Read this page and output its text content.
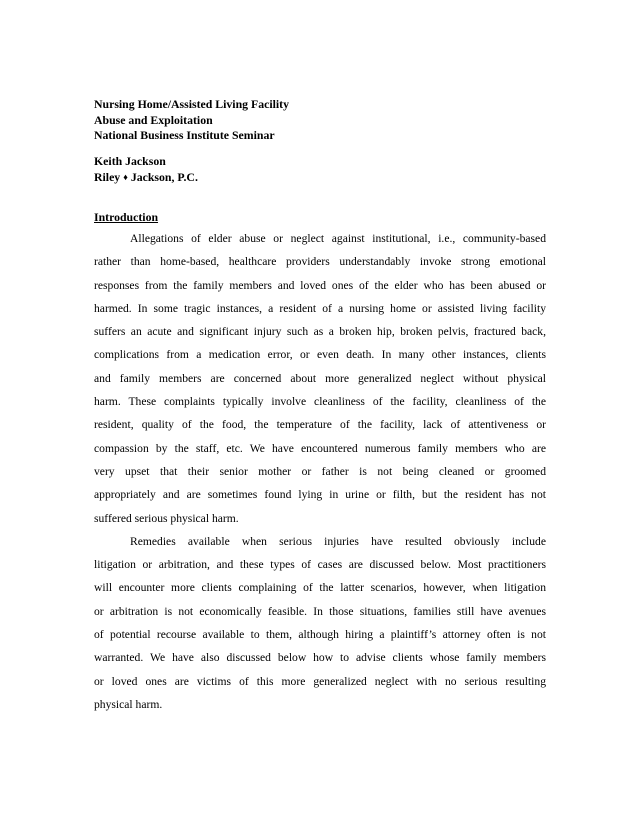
Nursing Home/Assisted Living Facility
Abuse and Exploitation
National Business Institute Seminar
Keith Jackson
Riley ♦ Jackson, P.C.
Introduction
Allegations of elder abuse or neglect against institutional, i.e., community-based
rather than home-based, healthcare providers understandably invoke strong emotional
responses from the family members and loved ones of the elder who has been abused or
harmed. In some tragic instances, a resident of a nursing home or assisted living facility
suffers an acute and significant injury such as a broken hip, broken pelvis, fractured back,
complications from a medication error, or even death. In many other instances, clients
and family members are concerned about more generalized neglect without physical
harm. These complaints typically involve cleanliness of the facility, cleanliness of the
resident, quality of the food, the temperature of the facility, lack of attentiveness or
compassion by the staff, etc. We have encountered numerous family members who are
very upset that their senior mother or father is not being cleaned or groomed
appropriately and are sometimes found lying in urine or filth, but the resident has not
suffered serious physical harm.
Remedies available when serious injuries have resulted obviously include
litigation or arbitration, and these types of cases are discussed below. Most practitioners
will encounter more clients complaining of the latter scenarios, however, when litigation
or arbitration is not economically feasible. In those situations, families still have avenues
of potential recourse available to them, although hiring a plaintiff’s attorney often is not
warranted. We have also discussed below how to advise clients whose family members
or loved ones are victims of this more generalized neglect with no serious resulting
physical harm.
